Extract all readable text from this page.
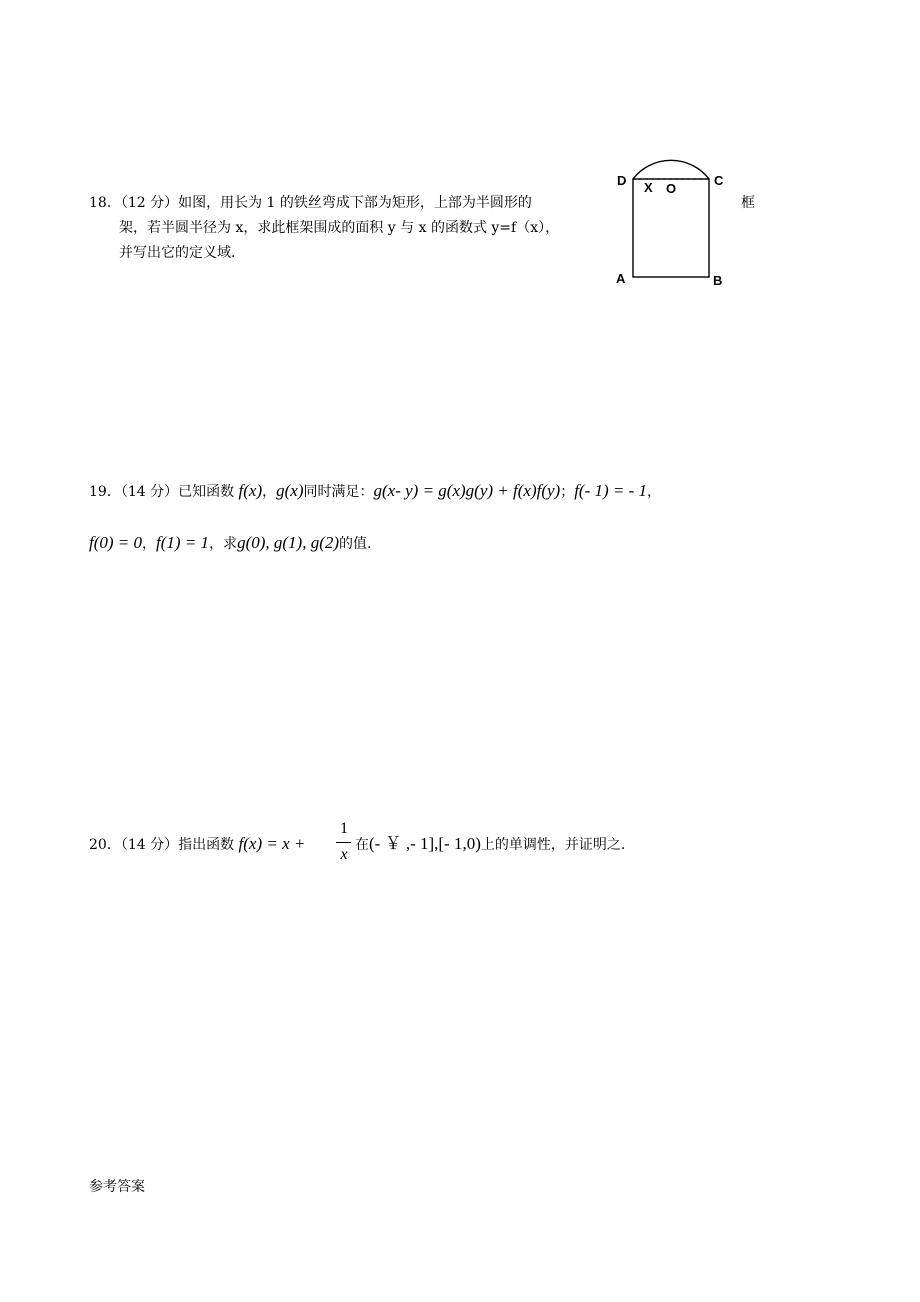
18．（12 分）如图，用长为 1 的铁丝弯成下部为矩形，上部为半圆形的	框
架，若半圆半径为 x，求此框架围成的面积 y 与 x 的函数式 y=f（x），
并写出它的定义域.
D	C
X O
A	B
19．（14 分）已知函数 f(x)，g(x)同时满足：g(x- y) = g(x)g(y) + f(x)f(y)；f(- 1) = - 1，
f(0) = 0，f(1) = 1，求g(0), g(1), g(2)的值.
20．（14 分）指出函数 f(x) = x +
1
x
在(- ￥ ,- 1],[- 1,0)上的单调性，并证明之.
参考答案
